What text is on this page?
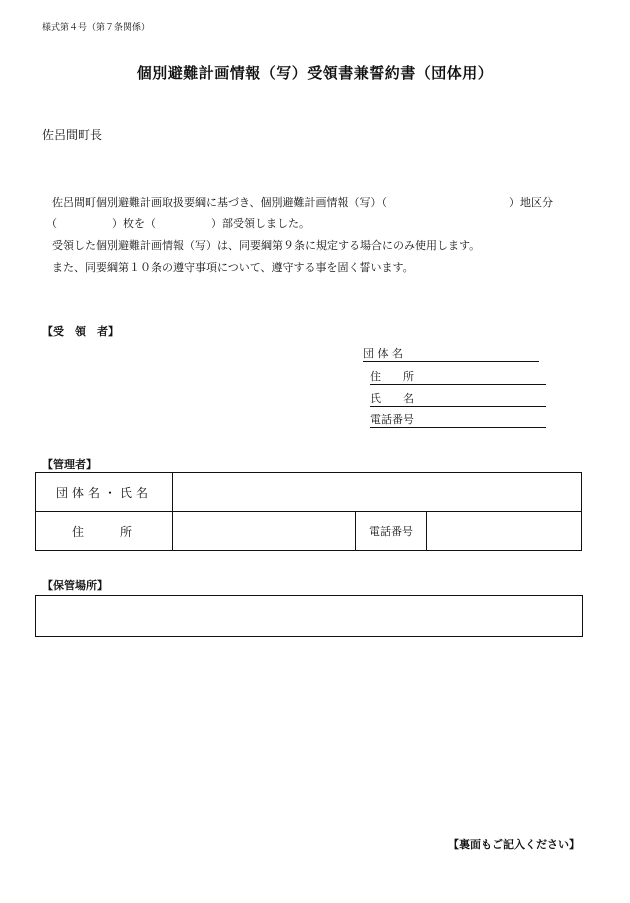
様式第４号（第７条関係）
個別避難計画情報（写）受領書兼誓約書（団体用）
佐呂間町長
佐呂間町個別避難計画取扱要綱に基づき、個別避難計画情報（写）（	）地区分
（　　　　　）枚を（　　　　　）部受領しました。
受領した個別避難計画情報（写）は、同要綱第９条に規定する場合にのみ使用します。
また、同要綱第１０条の遵守事項について、遵守する事を固く誓います。
【受　領　者】
団 体 名
住　　所
氏　　名
電話番号
【管理者】
団体名・氏名			
住　　所		電話番号	
【保管場所】
【裏面もご記入ください】
